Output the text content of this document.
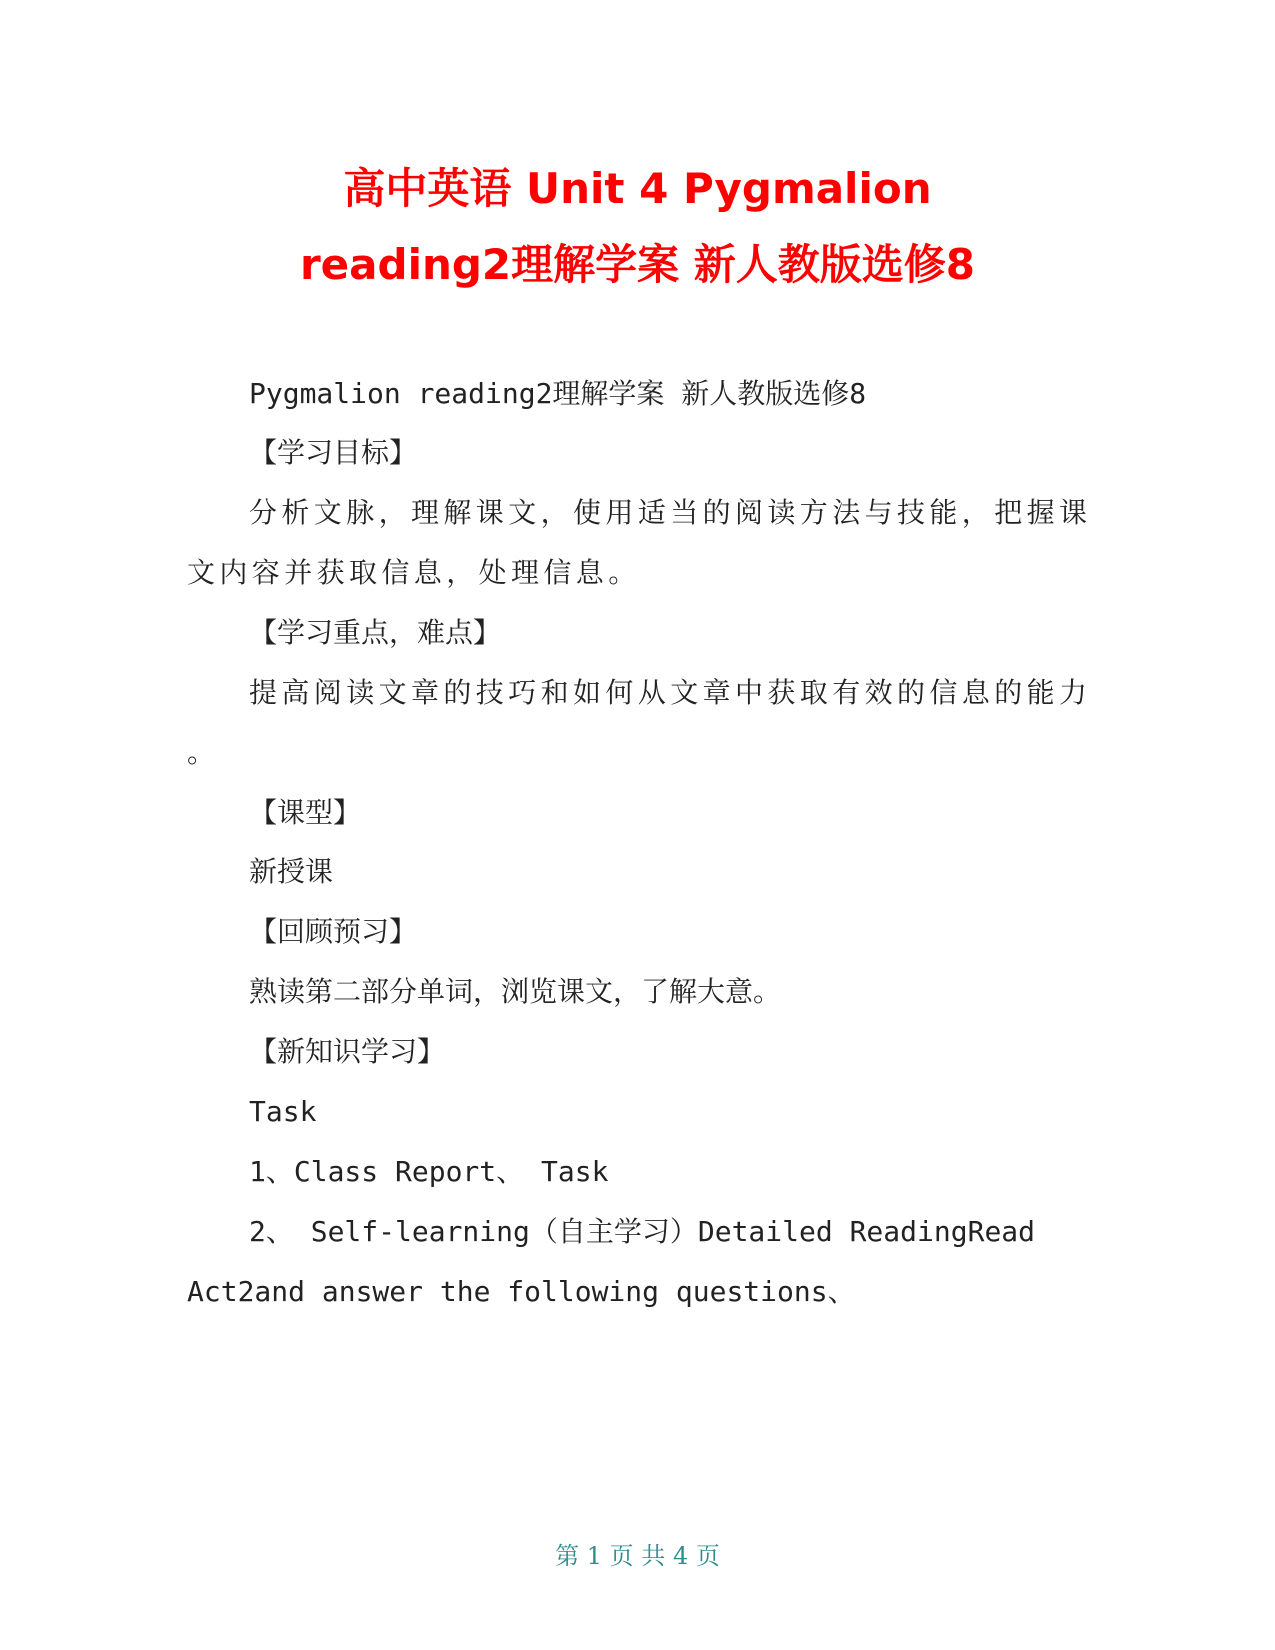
高中英语 Unit 4 Pygmalion
reading2理解学案 新人教版选修8

Pygmalion reading2理解学案 新人教版选修8

【学习目标】

分析文脉，理解课文，使用适当的阅读方法与技能，把握课

文内容并获取信息，处理信息。

【学习重点，难点】

提高阅读文章的技巧和如何从文章中获取有效的信息的能力

。

【课型】

新授课

【回顾预习】

熟读第二部分单词，浏览课文，了解大意。

【新知识学习】

Task

1、Class Report、 Task

2、 Self-learning（自主学习）Detailed ReadingRead

Act2and answer the following questions、

第 1 页 共 4 页
